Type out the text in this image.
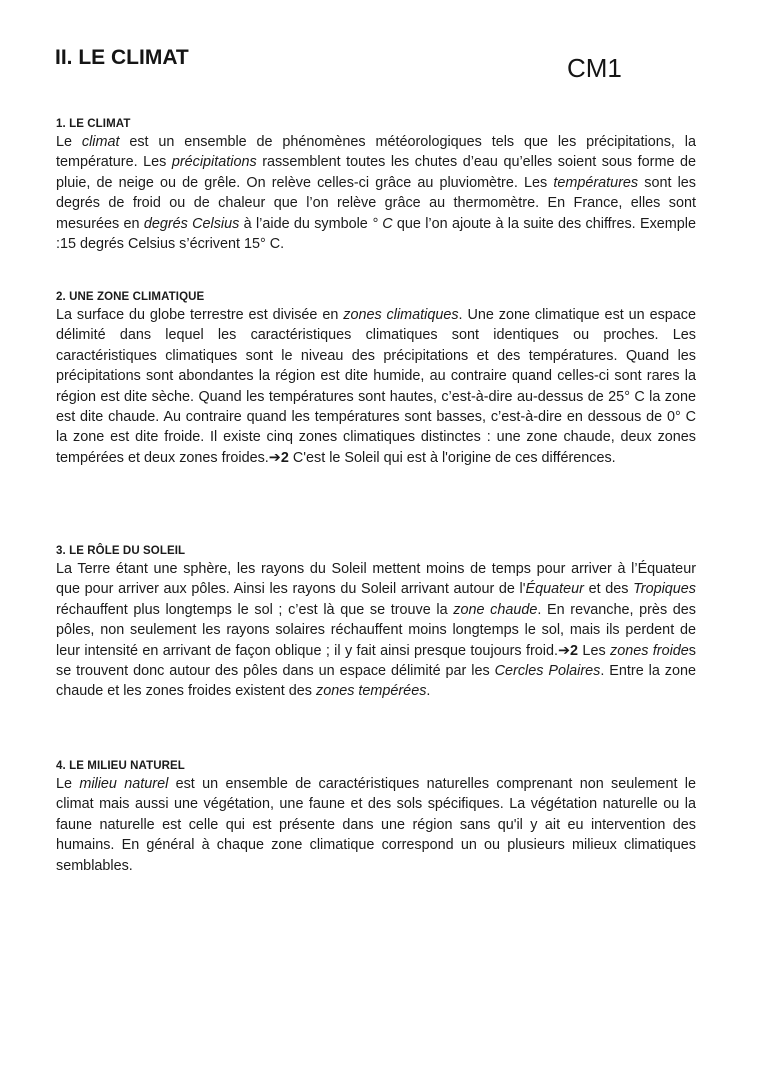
II. LE CLIMAT	CM1
1. LE CLIMAT

Le climat est un ensemble de phénomènes météorologiques tels que les précipitations, la température. Les précipitations rassemblent toutes les chutes d’eau qu’elles soient sous forme de pluie, de neige ou de grêle. On relève celles-ci grâce au pluviomètre. Les températures sont les degrés de froid ou de chaleur que l’on relève grâce au thermomètre. En France, elles sont mesurées en degrés Celsius à l’aide du symbole ° C que l’on ajoute à la suite des chiffres. Exemple :15 degrés Celsius s’écrivent 15° C.

2. UNE ZONE CLIMATIQUE

La surface du globe terrestre est divisée en zones climatiques. Une zone climatique est un espace délimité dans lequel les caractéristiques climatiques sont identiques ou proches. Les caractéristiques climatiques sont le niveau des précipitations et des températures. Quand les précipitations sont abondantes la région est dite humide, au contraire quand celles-ci sont rares la région est dite sèche. Quand les températures sont hautes, c’est-à-dire au-dessus de 25° C la zone est dite chaude. Au contraire quand les températures sont basses, c’est-à-dire en dessous de 0° C la zone est dite froide. Il existe cinq zones climatiques distinctes : une zone chaude, deux zones tempérées et deux zones froides.➔2 C'est le Soleil qui est à l'origine de ces différences.

3. LE RÔLE DU SOLEIL

La Terre étant une sphère, les rayons du Soleil mettent moins de temps pour arriver à l’Équateur que pour arriver aux pôles. Ainsi les rayons du Soleil arrivant autour de l'Équateur et des Tropiques réchauffent plus longtemps le sol ; c’est là que se trouve la zone chaude. En revanche, près des pôles, non seulement les rayons solaires réchauffent moins longtemps le sol, mais ils perdent de leur intensité en arrivant de façon oblique ; il y fait ainsi presque toujours froid.➔2 Les zones froides se trouvent donc autour des pôles dans un espace délimité par les Cercles Polaires. Entre la zone chaude et les zones froides existent des zones tempérées.

4. LE MILIEU NATUREL

Le milieu naturel est un ensemble de caractéristiques naturelles comprenant non seulement le climat mais aussi une végétation, une faune et des sols spécifiques. La végétation naturelle ou la faune naturelle est celle qui est présente dans une région sans qu'il y ait eu intervention des humains. En général à chaque zone climatique correspond un ou plusieurs milieux climatiques semblables.
